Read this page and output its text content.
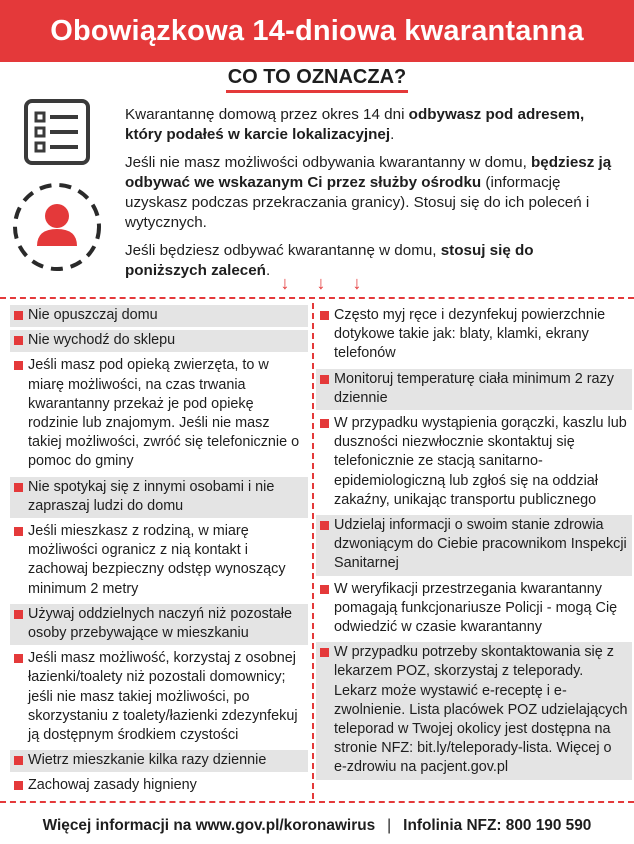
Obowiązkowa 14-dniowa kwarantanna
CO TO OZNACZA?

Kwarantannę domową przez okres 14 dni odbywasz pod adresem, który podałeś w karcie lokalizacyjnej.

Jeśli nie masz możliwości odbywania kwarantanny w domu, będziesz ją odbywać we wskazanym Ci przez służby ośrodku (informację uzyskasz podczas przekraczania granicy). Stosuj się do ich poleceń i wytycznych.

Jeśli będziesz odbywać kwarantannę w domu, stosuj się do poniższych zaleceń.

↓ ↓ ↓
Nie opuszczaj domu
Nie wychodź do sklepu
Jeśli masz pod opieką zwierzęta, to w miarę możliwości, na czas trwania kwarantanny przekaż je pod opiekę rodzinie lub znajomym. Jeśli nie masz takiej możliwości, zwróć się telefonicznie o pomoc do gminy
Nie spotykaj się z innymi osobami i nie zapraszaj ludzi do domu
Jeśli mieszkasz z rodziną, w miarę możliwości ogranicz z nią kontakt i zachowaj bezpieczny odstęp wynoszący minimum 2 metry
Używaj oddzielnych naczyń niż pozostałe osoby przebywające w mieszkaniu
Jeśli masz możliwość, korzystaj z osobnej łazienki/toalety niż pozostali domownicy; jeśli nie masz takiej możliwości, po skorzystaniu z toalety/łazienki zdezynfekuj ją dostępnym środkiem czystości
Wietrz mieszkanie kilka razy dziennie
Zachowaj zasady hignieny
Często myj ręce i dezynfekuj powierzchnie dotykowe takie jak: blaty, klamki, ekrany telefonów
Monitoruj temperaturę ciała minimum 2 razy dziennie
W przypadku wystąpienia gorączki, kaszlu lub duszności niezwłocznie skontaktuj się telefonicznie ze stacją sanitarno-epidemiologiczną lub zgłoś się na oddział zakaźny, unikając transportu publicznego
Udzielaj informacji o swoim stanie zdrowia dzwoniącym do Ciebie pracownikom Inspekcji Sanitarnej
W weryfikacji przestrzegania kwarantanny pomagają funkcjonariusze Policji - mogą Cię odwiedzić w czasie kwarantanny
W przypadku potrzeby skontaktowania się z lekarzem POZ, skorzystaj z teleporady. Lekarz może wystawić e-receptę i e-zwolnienie. Lista placówek POZ udzielających teleporad w Twojej okolicy jest dostępna na stronie NFZ: bit.ly/teleporady-lista. Więcej o e-zdrowiu na pacjent.gov.pl
Więcej informacji na www.gov.pl/koronawirus | Infolinia NFZ: 800 190 590
